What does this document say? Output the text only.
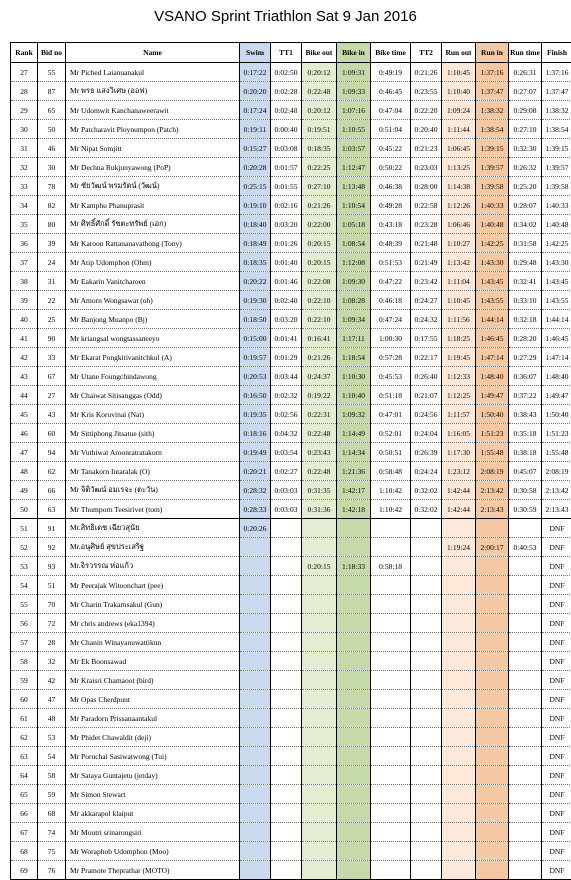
VSANO Sprint Triathlon Sat 9 Jan 2016
Rank	Bid no	Name	Swim	TT1	Bike out	Bike in	Bike time	TT2	Run out	Run in	Run time	Finish
27	55	Mr Piched Laianuanakul	0:17:22	0:02:50	0:20:12	1:09:31	0:49:19	0:21:26	1:10:45	1:37:16	0:26:31	1:37:16
28	87	Mr พรธ แสงวิเศษ (ออฟ)	0:20:20	0:02:28	0:22:48	1:09:33	0:46:45	0:23:55	1:10:40	1:37:47	0:27:07	1:37:47
29	65	Mr Udomwit Kanchanaweerawit	0:17:24	0:02:48	0:20:12	1:07:16	0:47:04	0:22:20	1:09:24	1:38:32	0:29:08	1:38:32
30	50	Mr Patcharavit Ploynumpon (Patch)	0:19:11	0:00:40	0:19:51	1:10:55	0:51:04	0:20:40	1:11:44	1:38:54	0:27:10	1:38:54
31	46	Mr Nipat Somjitt	0:15:27	0:03:08	0:18:35	1:03:57	0:45:22	0:21:23	1:06:45	1:39:15	0:32:30	1:39:15
32	30	Mr Dechna Rukjunyawong (PoP)	0:20:28	0:01:57	0:22:25	1:12:47	0:50:22	0:23:03	1:13:25	1:39:57	0:26:32	1:39:57
33	78	Mr ชัยวัฒน์ พรมรัตน์ (วัฒน์)	0:25:15	0:01:55	0:27:10	1:13:48	0:46:38	0:28:00	1:14:38	1:39:58	0:25:20	1:39:58
34	82	Mr Kamphu Phanuprasit	0:19:10	0:02:16	0:21:26	1:10:54	0:49:28	0:22:58	1:12:26	1:40:33	0:28:07	1:40:33
35	80	Mr ศิทธิ์ศักดิ์ รัชตะทรัพย์ (เอก)	0:18:40	0:03:20	0:22:00	1:05:18	0:43:18	0:23:28	1:06:46	1:40:48	0:34:02	1:40:48
36	39	Mr Karoon Rattananavathong (Tony)	0:18:49	0:01:26	0:20:15	1:08:54	0:48:39	0:21:48	1:10:27	1:42:25	0:31:58	1:42:25
37	24	Mr Atip Udomphon (Ohm)	0:18:35	0:01:40	0:20:15	1:12:08	0:51:53	0:21:49	1:13:42	1:43:30	0:29:48	1:43:30
38	31	Mr Eakarin Vanitcharoen	0:20:22	0:01:46	0:22:08	1:09:30	0:47:22	0:23:42	1:11:04	1:43:45	0:32:41	1:43:45
39	22	Mr Amorn Wongsawat (oh)	0:19:30	0:02:40	0:22:10	1:08:28	0:46:18	0:24:27	1:10:45	1:43:55	0:33:10	1:43:55
40	25	Mr Banjong Muanpo (Bj)	0:18:50	0:03:20	0:22:10	1:09:34	0:47:24	0:24:32	1:11:56	1:44:14	0:32:18	1:44:14
41	90	Mr kriangsal wongtassaneeyo	0:15:00	0:01:41	0:16:41	1:17:11	1:00:30	0:17:55	1:18:25	1:46:45	0:28:20	1:46:45
42	33	Mr Ekarat Pongkitivanitchkul (A)	0:19:57	0:01:29	0:21:26	1:18:54	0:57:28	0:22:17	1:19:45	1:47:14	0:27:29	1:47:14
43	67	Mr Utane Foungchindawong	0:20:53	0:03:44	0:24:37	1:10:30	0:45:53	0:26:40	1:12:33	1:48:40	0:36:07	1:48:40
44	27	Mr Chaiwat Sitisanggas (Odd)	0:16:50	0:02:32	0:19:22	1:10:40	0:51:18	0:21:07	1:12:25	1:49:47	0:37:22	1:49:47
45	43	Mr Kris Koruvinai (Nat)	0:19:35	0:02:56	0:22:31	1:09:32	0:47:01	0:24:56	1:11:57	1:50:40	0:38:43	1:50:40
46	60	Mr Sittiphong Jitsatue (sith)	0:18:16	0:04:32	0:22:48	1:14:49	0:52:01	0:24:04	1:16:05	1:51:23	0:35:18	1:51:23
47	94	Mr Vuthiwat Aroonratratakorn	0:19:49	0:03:54	0:23:43	1:14:34	0:50:51	0:26:39	1:17:30	1:55:48	0:38:18	1:55:48
48	62	Mr Tanakorn Intaralak (O)	0:20:21	0:02:27	0:22:48	1:21:36	0:58:48	0:24:24	1:23:12	2:08:19	0:45:07	2:08:19
49	66	Mr จิติวัฒน์ อมเรจะ (ตะวัน)	0:28:32	0:03:03	0:31:35	1:42:17	1:10:42	0:32:02	1:42:44	2:13:42	0:30:58	2:13:42
50	63	Mr Thumporn Teesirivet (tom)	0:28:33	0:03:03	0:31:36	1:42:18	1:10:42	0:32:02	1:42:44	2:13:43	0:30:59	2:13:43
51	91	Mr.สิทธิเดช เฉียวสุนัย	0:20:26									DNF
52	92	Mr.อนุศิษย์ สุขประเสริฐ							1:19:24	2:00:17	0:40:53	DNF
53	93	Mr.จิรวรรณ ห่อแก้ว			0:20:15	1:18:33	0:58:18					DNF
54	51	Mr Peerajak Witoonchart (pee)										DNF
55	70	Mr Charin Trakarnsakul (Gun)										DNF
56	72	Mr chris andrews (eka1394)										DNF
57	28	Mr Chanin Winayanuwattikun										DNF
58	32	Mr Ek Boonsawad										DNF
59	42	Mr Kraisri Chamaoot (bird)										DNF
60	47	Mr Opas Cherdpunt										DNF
61	48	Mr Paradorn Prissanaantakul										DNF
62	53	Mr Phidet Chawaldit (deji)										DNF
63	54	Mr Poruchai Sasiwatwong (Tui)										DNF
64	58	Mr Sataya Guntajetu (jetday)										DNF
65	59	Mr Simon Stewart										DNF
66	68	Mr akkarapol klaiput										DNF
67	74	Mr Moutri srinarongsiri										DNF
68	75	Mr Woraphob Udomphon (Moo)										DNF
69	76	Mr Pramote Theprathar (MOTO)										DNF
